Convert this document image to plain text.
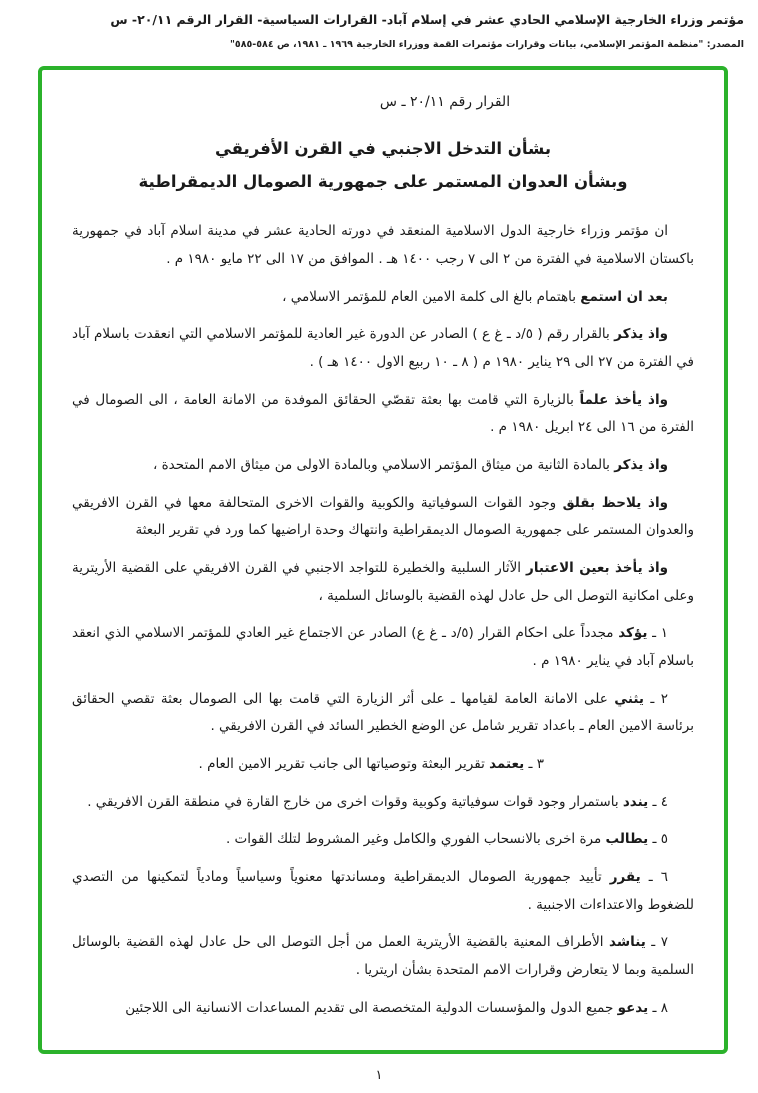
مؤتمر وزراء الخارجية الإسلامي الحادي عشر في إسلام آباد- القرارات السياسية- القرار الرقم ٢٠/١١- س
المصدر: "منظمة المؤتمر الإسلامي، بيانات وقرارات مؤتمرات القمة ووزراء الخارجية ١٩٦٩ ـ ١٩٨١، ص ٥٨٤-٥٨٥"
القرار رقم ٢٠/١١ ـ س
بشأن التدخل الاجنبي في القرن الأفريقي
وبشأن العدوان المستمر على جمهورية الصومال الديمقراطية

ان مؤتمر وزراء خارجية الدول الاسلامية المنعقد في دورته الحادية عشر في مدينة اسلام آباد في جمهورية باكستان الاسلامية في الفترة من ٢ الى ٧ رجب ١٤٠٠ هـ . الموافق من ١٧ الى ٢٢ مايو ١٩٨٠ م .

بعد ان استمع باهتمام بالغ الى كلمة الامين العام للمؤتمر الاسلامي ،

واذ يذكر بالقرار رقم ( ٥/د ـ غ ع ) الصادر عن الدورة غير العادية للمؤتمر الاسلامي التي انعقدت باسلام آباد في الفترة من ٢٧ الى ٢٩ يناير ١٩٨٠ م ( ٨ ـ ١٠ ربيع الاول ١٤٠٠ هـ ) .

واذ يأخذ علماً بالزيارة التي قامت بها بعثة تقصّي الحقائق الموفدة من الامانة العامة ، الى الصومال في الفترة من ١٦ الى ٢٤ ابريل ١٩٨٠ م .

واذ يذكر بالمادة الثانية من ميثاق المؤتمر الاسلامي وبالمادة الاولى من ميثاق الامم المتحدة ،

واذ يلاحظ بقلق وجود القوات السوفياتية والكوبية والقوات الاخرى المتحالفة معها في القرن الافريقي والعدوان المستمر على جمهورية الصومال الديمقراطية وانتهاك وحدة اراضيها كما ورد في تقرير البعثة

واذ يأخذ بعين الاعتبار الآثار السلبية والخطيرة للتواجد الاجنبي في القرن الافريقي على القضية الأريترية وعلى امكانية التوصل الى حل عادل لهذه القضية بالوسائل السلمية ،

١ ـ يؤكد مجدداً على احكام القرار (٥/د ـ غ ع) الصادر عن الاجتماع غير العادي للمؤتمر الاسلامي الذي انعقد باسلام آباد في يناير ١٩٨٠ م .

٢ ـ يثني على الامانة العامة لقيامها ـ على أثر الزيارة التي قامت بها الى الصومال بعثة تقصي الحقائق برئاسة الامين العام ـ باعداد تقرير شامل عن الوضع الخطير السائد في القرن الافريقي .

٣ ـ يعتمد تقرير البعثة وتوصياتها الى جانب تقرير الامين العام .

٤ ـ يندد باستمرار وجود قوات سوفياتية وكوبية وقوات اخرى من خارج القارة في منطقة القرن الافريقي .

٥ ـ يطالب مرة اخرى بالانسحاب الفوري والكامل وغير المشروط لتلك القوات .

٦ ـ يقرر تأييد جمهورية الصومال الديمقراطية ومساندتها معنوياً وسياسياً ومادياً لتمكينها من التصدي للضغوط والاعتداءات الاجنبية .

٧ ـ يناشد الأطراف المعنية بالقضية الأريترية العمل من أجل التوصل الى حل عادل لهذه القضية بالوسائل السلمية وبما لا يتعارض وقرارات الامم المتحدة بشأن اريتريا .

٨ ـ يدعو جميع الدول والمؤسسات الدولية المتخصصة الى تقديم المساعدات الانسانية الى اللاجئين

١
